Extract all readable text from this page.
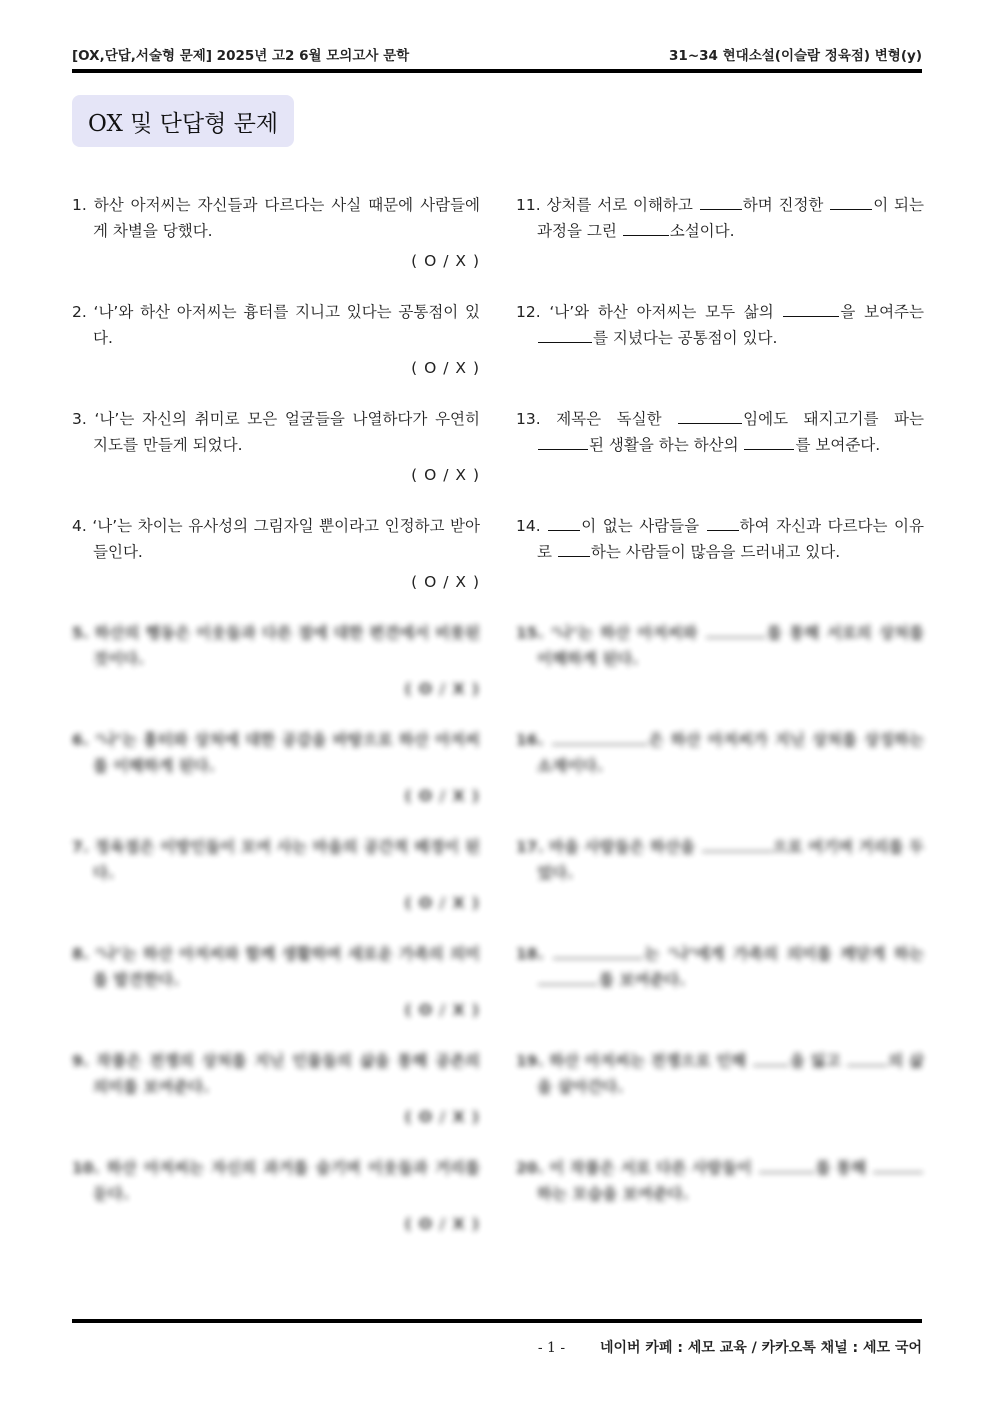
[OX,단답,서술형 문제] 2025년 고2 6월 모의고사 문학	31~34 현대소설(이슬람 정육점) 변형(y)
OX 및 단답형 문제
1. 하산 아저씨는 자신들과 다르다는 사실 때문에 사람들에게 차별을 당했다.
( O / X )
2. ‘나’와 하산 아저씨는 흉터를 지니고 있다는 공통점이 있다.
( O / X )
3. ‘나’는 자신의 취미로 모은 얼굴들을 나열하다가 우연히 지도를 만들게 되었다.
( O / X )
4. ‘나’는 차이는 유사성의 그림자일 뿐이라고 인정하고 받아들인다.
( O / X )
5. 하산의 행동은 이웃들과 다른 점에 대한 편견에서 비롯된 것이다.
( O / X )
6. ‘나’는 흉터와 상처에 대한 공감을 바탕으로 하산 아저씨를 이해하게 된다.
( O / X )
7. 정육점은 이방인들이 모여 사는 마을의 공간적 배경이 된다.
( O / X )
8. ‘나’는 하산 아저씨와 함께 생활하며 새로운 가족의 의미를 발견한다.
( O / X )
9. 작품은 전쟁의 상처를 지닌 인물들의 삶을 통해 공존의 의미를 보여준다.
( O / X )
10. 하산 아저씨는 자신의 과거를 숨기며 이웃들과 거리를 둔다.
( O / X )
11. 상처를 서로 이해하고	하며 진정한	이 되는 과정을 그린	소설이다.
12. ‘나’와 하산 아저씨는 모두 삶의	을 보여주는 를 지녔다는 공통점이 있다.
13. 제목은 독실한	임에도 돼지고기를 파는 된 생활을 하는 하산의	를 보여준다.
14. 이 없는 사람들을 하여 자신과 다르다는 이유로 하는 사람들이 많음을 드러내고 있다.
15. ‘나’는 하산 아저씨와	를 통해 서로의 상처를 이해하게 된다.
16.	은 하산 아저씨가 지닌 상처를 상징하는 소재이다.
17. 마을 사람들은 하산을	으로 여기며 거리를 두었다.
18.	는 ‘나’에게 가족의 의미를 깨닫게 하는 를 보여준다.
19. 하산 아저씨는 전쟁으로 인해 을 잃고	의 삶을 살아간다.
20. 이 작품은 서로 다른 사람들이	를 통해 하는 모습을 보여준다.
- 1 - 네이버 카페 : 세모 교육 / 카카오톡 채널 : 세모 국어
